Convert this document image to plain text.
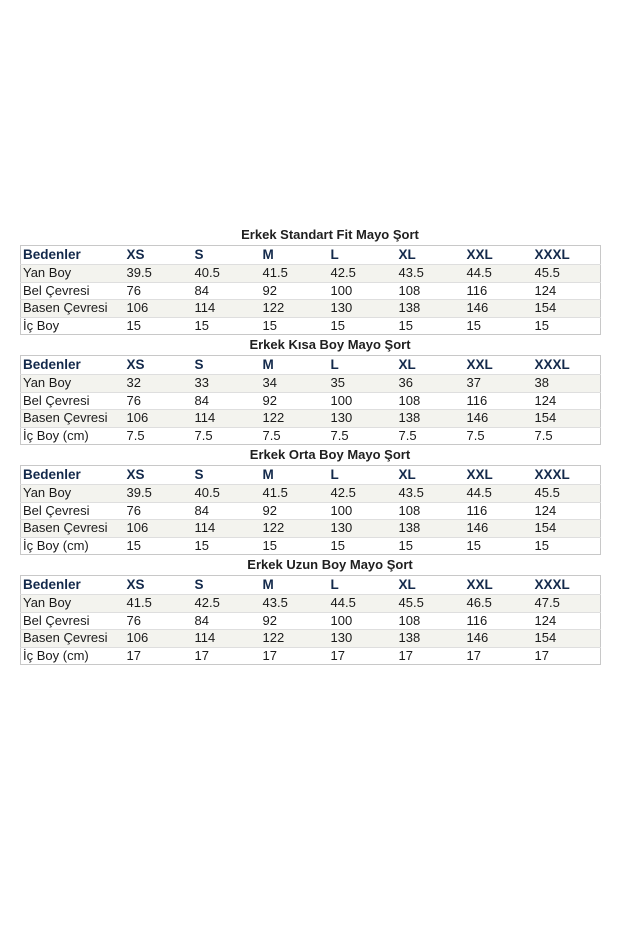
Erkek Standart Fit Mayo Şort
Bedenler	XS	S	M	L	XL	XXL	XXXL
Yan Boy	39.5	40.5	41.5	42.5	43.5	44.5	45.5
Bel Çevresi	76	84	92	100	108	116	124
Basen Çevresi	106	114	122	130	138	146	154
İç Boy	15	15	15	15	15	15	15
Erkek Kısa Boy Mayo Şort
Bedenler	XS	S	M	L	XL	XXL	XXXL
Yan Boy	32	33	34	35	36	37	38
Bel Çevresi	76	84	92	100	108	116	124
Basen Çevresi	106	114	122	130	138	146	154
İç Boy (cm)	7.5	7.5	7.5	7.5	7.5	7.5	7.5
Erkek Orta Boy Mayo Şort
Bedenler	XS	S	M	L	XL	XXL	XXXL
Yan Boy	39.5	40.5	41.5	42.5	43.5	44.5	45.5
Bel Çevresi	76	84	92	100	108	116	124
Basen Çevresi	106	114	122	130	138	146	154
İç Boy (cm)	15	15	15	15	15	15	15
Erkek Uzun Boy Mayo Şort
Bedenler	XS	S	M	L	XL	XXL	XXXL
Yan Boy	41.5	42.5	43.5	44.5	45.5	46.5	47.5
Bel Çevresi	76	84	92	100	108	116	124
Basen Çevresi	106	114	122	130	138	146	154
İç Boy (cm)	17	17	17	17	17	17	17
